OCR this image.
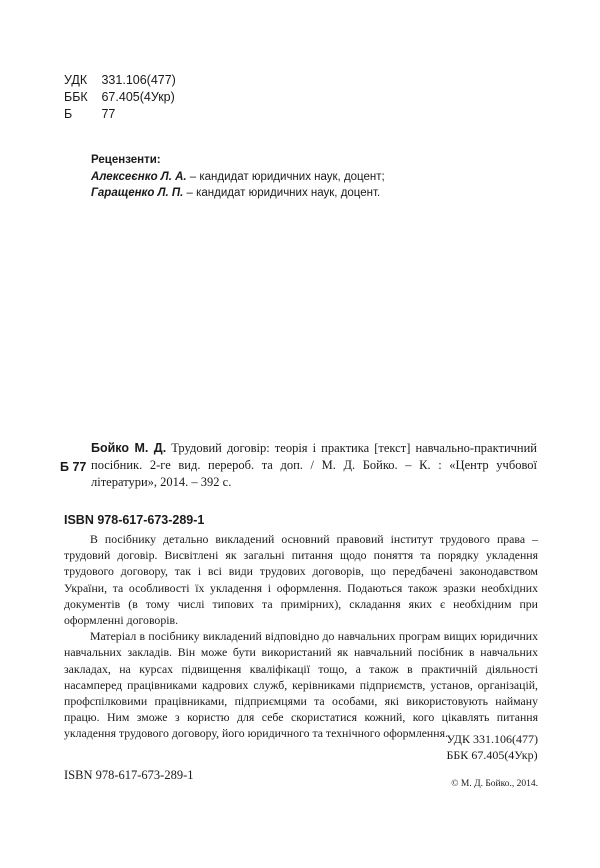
УДК 331.106(477)
ББК 67.405(4Укр)
Б 77
Рецензенти:
Алексеєнко Л. А. – кандидат юридичних наук, доцент;
Гаращенко Л. П. – кандидат юридичних наук, доцент.
Б 77
Бойко М. Д. Трудовий договір: теорія і практика [текст] навчально-практичний посібник. 2-ге вид. перероб. та доп. / М. Д. Бойко. – К. : «Центр учбової літератури», 2014. – 392 с.
ISBN 978-617-673-289-1

В посібнику детально викладений основний правовий інститут трудового права – трудовий договір. Висвітлені як загальні питання щодо поняття та порядку укладення трудового договору, так і всі види трудових договорів, що передбачені законодавством України, та особливості їх укладення і оформлення. Подаються також зразки необхідних документів (в тому числі типових та примірних), складання яких є необхідним при оформленні договорів.

Матеріал в посібнику викладений відповідно до навчальних програм вищих юридичних навчальних закладів. Він може бути використаний як навчальний посібник в навчальних закладах, на курсах підвищення кваліфікації тощо, а також в практичній діяльності насамперед працівниками кадрових служб, керівниками підприємств, установ, організацій, профспілковими працівниками, підприємцями та особами, які використовують найману працю. Ним зможе з користю для себе скористатися кожний, кого цікавлять питання укладення трудового договору, його юридичного та технічного оформлення.

УДК 331.106(477)
ББК 67.405(4Укр)
ISBN 978-617-673-289-1
© М. Д. Бойко., 2014.
